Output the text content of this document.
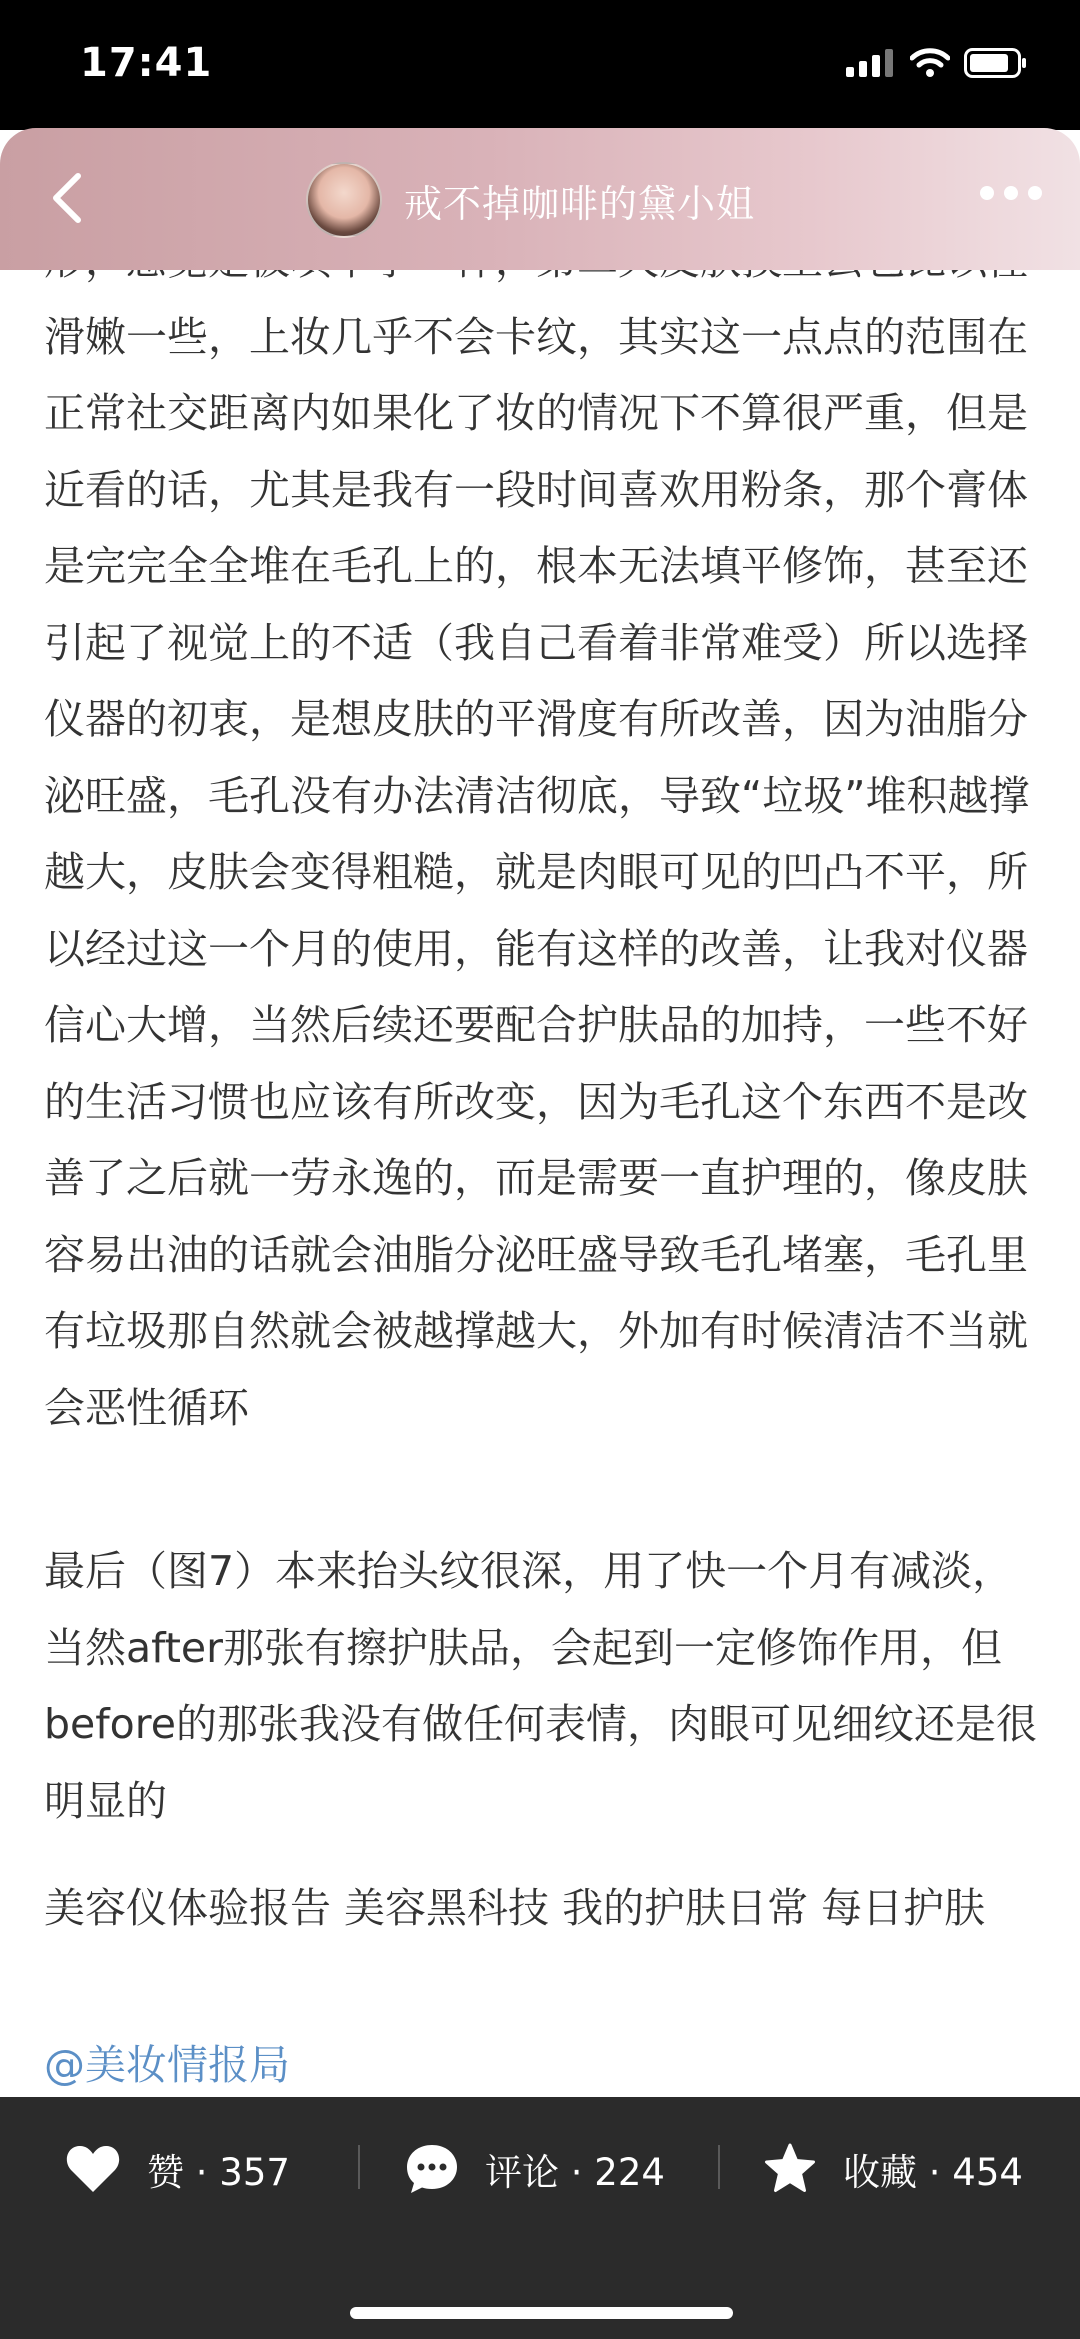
17:41
戒不掉咖啡的黛小姐

滑嫩一些，上妆几乎不会卡纹，其实这一点点的范围在正常社交距离内如果化了妆的情况下不算很严重，但是近看的话，尤其是我有一段时间喜欢用粉条，那个膏体是完完全全堆在毛孔上的，根本无法填平修饰，甚至还引起了视觉上的不适（我自己看着非常难受）所以选择仪器的初衷，是想皮肤的平滑度有所改善，因为油脂分泌旺盛，毛孔没有办法清洁彻底，导致“垃圾”堆积越撑越大，皮肤会变得粗糙，就是肉眼可见的凹凸不平，所以经过这一个月的使用，能有这样的改善，让我对仪器信心大增，当然后续还要配合护肤品的加持，一些不好的生活习惯也应该有所改变，因为毛孔这个东西不是改善了之后就一劳永逸的，而是需要一直护理的，像皮肤容易出油的话就会油脂分泌旺盛导致毛孔堵塞，毛孔里有垃圾那自然就会被越撑越大，外加有时候清洁不当就会恶性循环

最后（图7）本来抬头纹很深，用了快一个月有减淡，当然after那张有擦护肤品，会起到一定修饰作用，但before的那张我没有做任何表情，肉眼可见细纹还是很明显的

美容仪体验报告 美容黑科技 我的护肤日常 每日护肤

@美妆情报局
赞 · 357	评论 · 224	收藏 · 454
